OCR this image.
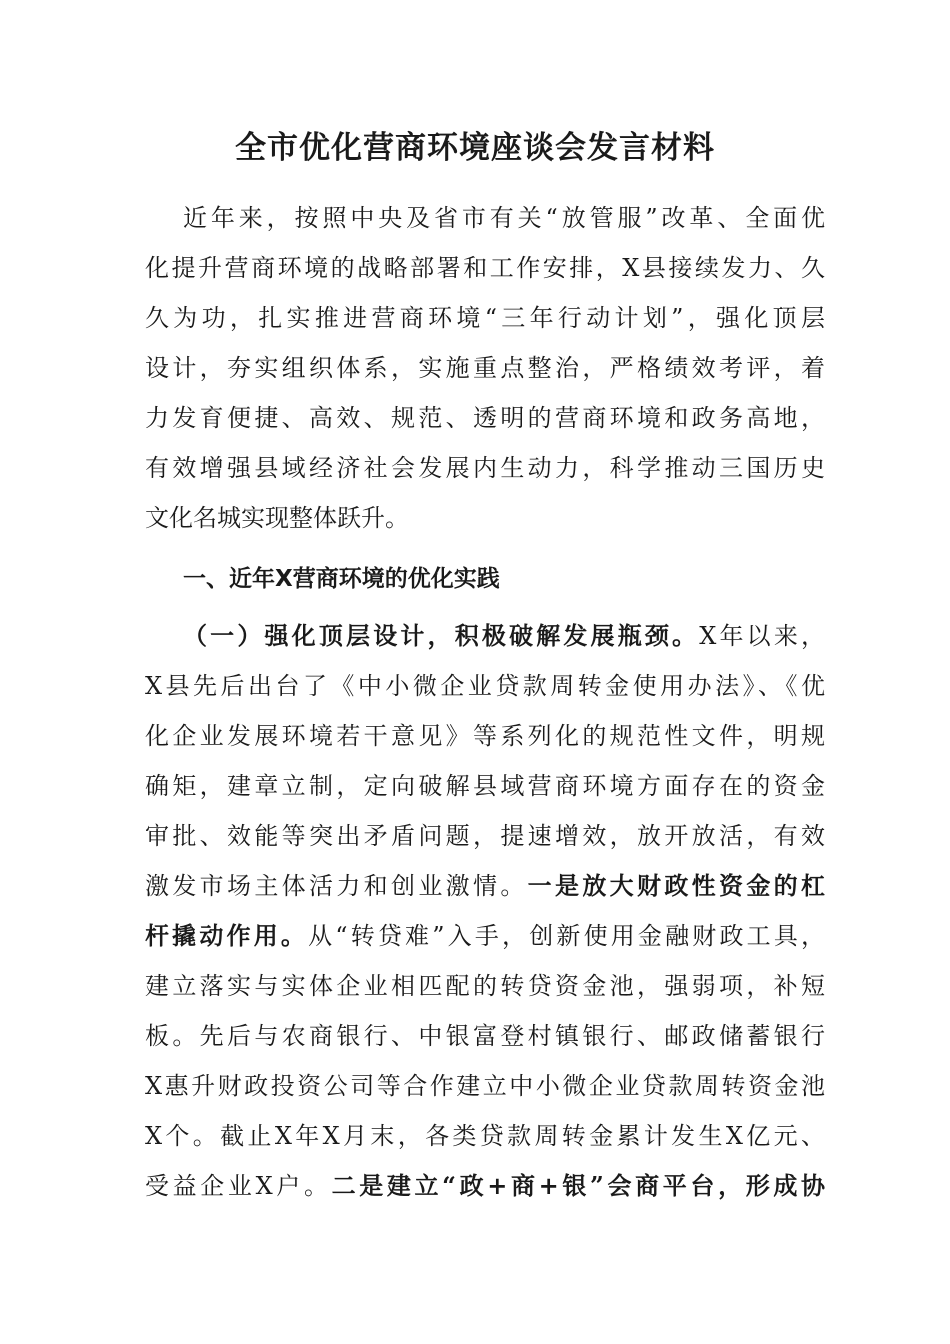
全市优化营商环境座谈会发言材料
近年来，按照中央及省市有关“放管服”改革、全面优
化提升营商环境的战略部署和工作安排，X县接续发力、久
久为功，扎实推进营商环境“三年行动计划”，强化顶层
设计，夯实组织体系，实施重点整治，严格绩效考评，着
力发育便捷、高效、规范、透明的营商环境和政务高地，
有效增强县域经济社会发展内生动力，科学推动三国历史
文化名城实现整体跃升。
一、近年X营商环境的优化实践
（一）强化顶层设计，积极破解发展瓶颈。X年以来，
X县先后出台了《中小微企业贷款周转金使用办法》、《优
化企业发展环境若干意见》等系列化的规范性文件，明规
确矩，建章立制，定向破解县域营商环境方面存在的资金
审批、效能等突出矛盾问题，提速增效，放开放活，有效
激发市场主体活力和创业激情。一是放大财政性资金的杠
杆撬动作用。从“转贷难”入手，创新使用金融财政工具，
建立落实与实体企业相匹配的转贷资金池，强弱项，补短
板。先后与农商银行、中银富登村镇银行、邮政储蓄银行
X惠升财政投资公司等合作建立中小微企业贷款周转资金池
X个。截止X年X月末，各类贷款周转金累计发生X亿元、
受益企业X户。二是建立“政+商+银”会商平台，形成协
